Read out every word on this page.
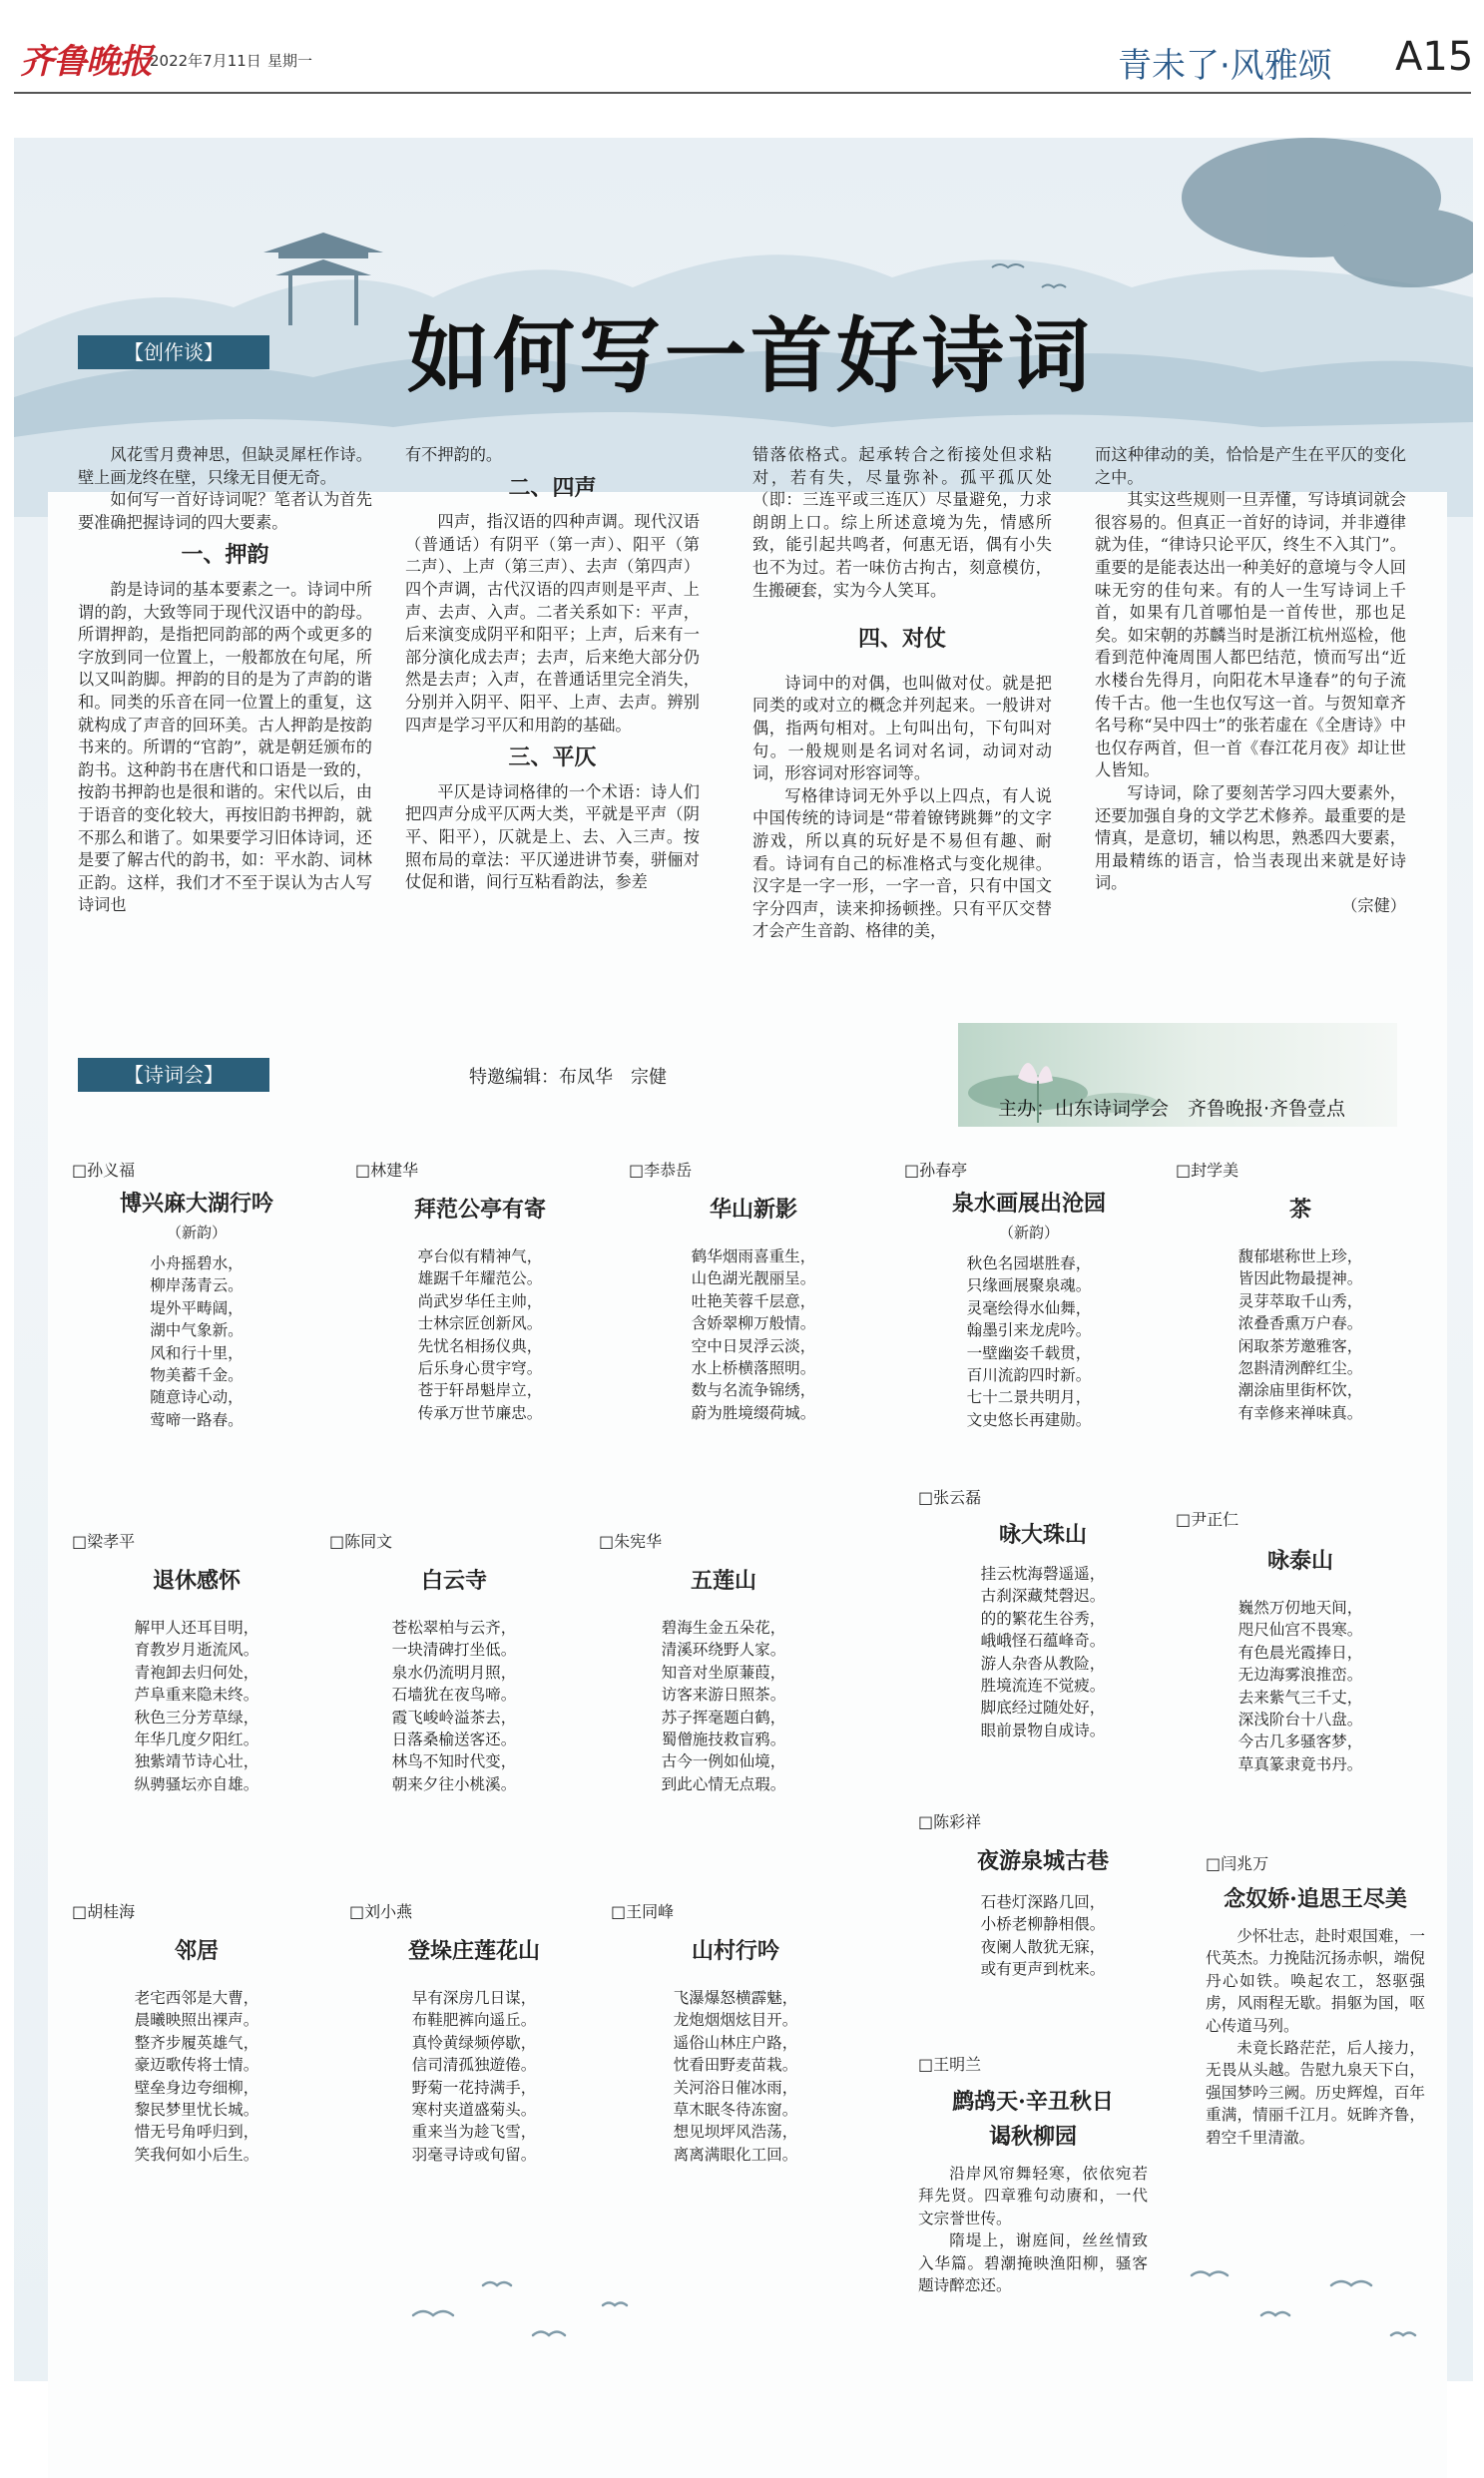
齐鲁晚报
2022年7月11日 星期一	青未了·风雅颂 A15
【创作谈】	如何写一首好诗词

风花雪月费神思，但缺灵犀枉作诗。壁上画龙终在壁，只缘无目便无奇。

如何写一首好诗词呢？笔者认为首先要准确把握诗词的四大要素。

一、押韵

韵是诗词的基本要素之一。诗词中所谓的韵，大致等同于现代汉语中的韵母。所谓押韵，是指把同韵部的两个或更多的字放到同一位置上，一般都放在句尾，所以又叫韵脚。押韵的目的是为了声韵的谐和。同类的乐音在同一位置上的重复，这就构成了声音的回环美。古人押韵是按韵书来的。所谓的“官韵”，就是朝廷颁布的韵书。这种韵书在唐代和口语是一致的，按韵书押韵也是很和谐的。宋代以后，由于语音的变化较大，再按旧韵书押韵，就不那么和谐了。如果要学习旧体诗词，还是要了解古代的韵书，如：平水韵、词林正韵。这样，我们才不至于误认为古人写诗词也

有不押韵的。

二、四声

四声，指汉语的四种声调。现代汉语（普通话）有阴平（第一声）、阳平（第二声）、上声（第三声）、去声（第四声）四个声调，古代汉语的四声则是平声、上声、去声、入声。二者关系如下：平声，后来演变成阴平和阳平；上声，后来有一部分演化成去声；去声，后来绝大部分仍然是去声；入声，在普通话里完全消失，分别并入阴平、阳平、上声、去声。辨别四声是学习平仄和用韵的基础。

三、平仄

平仄是诗词格律的一个术语：诗人们把四声分成平仄两大类，平就是平声（阴平、阳平），仄就是上、去、入三声。按照布局的章法：平仄递进讲节奏，骈俪对仗促和谐，间行互粘看韵法，参差

错落依格式。起承转合之衔接处但求粘对，若有失，尽量弥补。孤平孤仄处（即：三连平或三连仄）尽量避免，力求朗朗上口。综上所述意境为先，情感所致，能引起共鸣者，何惠无语，偶有小失也不为过。若一味仿古拘古，刻意模仿，生搬硬套，实为今人笑耳。

四、对仗

诗词中的对偶，也叫做对仗。就是把同类的或对立的概念并列起来。一般讲对偶，指两句相对。上句叫出句，下句叫对句。一般规则是名词对名词，动词对动词，形容词对形容词等。

写格律诗词无外乎以上四点，有人说中国传统的诗词是“带着镣铐跳舞”的文字游戏，所以真的玩好是不易但有趣、耐看。诗词有自己的标准格式与变化规律。汉字是一字一形，一字一音，只有中国文字分四声，读来抑扬顿挫。只有平仄交替才会产生音韵、格律的美，

而这种律动的美，恰恰是产生在平仄的变化之中。

其实这些规则一旦弄懂，写诗填词就会很容易的。但真正一首好的诗词，并非遵律就为佳，“律诗只论平仄，终生不入其门”。重要的是能表达出一种美好的意境与令人回味无穷的佳句来。有的人一生写诗词上千首，如果有几首哪怕是一首传世，那也足矣。如宋朝的苏麟当时是浙江杭州巡检，他看到范仲淹周围人都巴结范，愤而写出“近水楼台先得月，向阳花木早逢春”的句子流传千古。他一生也仅写这一首。与贺知章齐名号称“吴中四士”的张若虚在《全唐诗》中也仅存两首，但一首《春江花月夜》却让世人皆知。

写诗词，除了要刻苦学习四大要素外，还要加强自身的文学艺术修养。最重要的是情真，是意切，辅以构思，熟悉四大要素，用最精练的语言，恰当表现出来就是好诗词。

（宗健）
【诗词会】	特邀编辑：布凤华　宗健
主办：山东诗词学会　齐鲁晚报·齐鲁壹点
□孙义福
博兴麻大湖行吟
（新韵）
小舟摇碧水，
柳岸荡青云。
堤外平畴阔，
湖中气象新。
风和行十里，
物美蓄千金。
随意诗心动，
莺啼一路春。
□林建华
拜范公亭有寄
亭台似有精神气，
雄踞千年耀范公。
尚武岁华任主帅，
士林宗匠创新风。
先忧名相扬仪典，
后乐身心贯宇穹。
苍于轩昂魁岸立，
传承万世节廉忠。
□李恭岳
华山新影
鹤华烟雨喜重生，
山色湖光靓丽呈。
吐艳芙蓉千层意，
含娇翠柳万般情。
空中日炅浮云淡，
水上桥横落照明。
数与名流争锦绣，
蔚为胜境缀荷城。
□孙春亭
泉水画展出沧园
（新韵）
秋色名园堪胜春，
只缘画展聚泉魂。
灵毫绘得水仙舞，
翰墨引来龙虎吟。
一壁幽姿千载贯，
百川流韵四时新。
七十二景共明月，
文史悠长再建勋。
□封学美
茶
馥郁堪称世上珍，
皆因此物最提神。
灵芽萃取千山秀，
浓叠香熏万户春。
闲取茶芳邀雅客，
忽斟清洌醉红尘。
潮涂庙里街杯饮，
有幸修来禅味真。
□张云磊
咏大珠山
挂云枕海磬遥遥，
古刹深藏梵磬迟。
的的繁花生谷秀，
峨峨怪石蕴峰奇。
游人杂沓从教险，
胜境流连不觉疲。
脚底经过随处好，
眼前景物自成诗。
□梁孝平
退休感怀
解甲人还耳目明，
育教岁月逝流风。
青袍卸去归何处，
芦阜重来隐未终。
秋色三分芳草绿，
年华几度夕阳红。
独紫靖节诗心壮，
纵骋骚坛亦自雄。
□陈同文
白云寺
苍松翠柏与云齐，
一块清碑打坐低。
泉水仍流明月照，
石墙犹在夜鸟啼。
霞飞峻岭溢茶去，
日落桑榆送客还。
林鸟不知时代变，
朝来夕往小桃溪。
□朱宪华
五莲山
碧海生金五朵花，
清溪环绕野人家。
知音对坐原蒹葭，
访客来游日照茶。
苏子挥毫题白鹤，
蜀僧施技救盲鸦。
古今一例如仙境，
到此心情无点瑕。
□尹正仁
咏泰山
巍然万仞地天间，
咫尺仙宫不畏寒。
有色晨光霞捧日，
无边海雾浪推峦。
去来紫气三千丈，
深浅阶台十八盘。
今古几多骚客梦，
草真篆隶竟书丹。
□陈彩祥
夜游泉城古巷
石巷灯深路几回，
小桥老柳静相偎。
夜阑人散犹无寐，
或有更声到枕来。
□闫兆万
念奴娇·追思王尽美

少怀壮志，赴时艰国难，一代英杰。力挽陆沉扬赤帜，端倪丹心如铁。唤起农工，怒驱强虏，风雨程无歇。捐躯为国，呕心传道马列。

未竟长路茫茫，后人接力，无畏从头越。告慰九泉天下白，强国梦吟三阙。历史辉煌，百年重满，情丽千江月。妩眸齐鲁，碧空千里清澈。

□胡桂海
邻居
老宅西邻是大曹，
晨曦映照出裸声。
整齐步履英雄气，
豪迈歌传将士情。
壁垒身边夸细柳，
黎民梦里忧长城。
惜无号角呼归到，
笑我何如小后生。
□刘小燕
登垛庄莲花山
早有深房几日谋，
布鞋肥裤向遥丘。
真怜黄绿频停歇，
信司清孤独遊倦。
野菊一花持满手，
寒村夹道盛菊头。
重来当为趁飞雪，
羽毫寻诗或旬留。
□王同峰
山村行吟
飞瀑爆怒横霹魅，
龙炮烟烟炫目开。
遥俗山林庄户路，
忱看田野麦苗栽。
关河浴日催冰雨，
草木眠冬待冻窗。
想见坝坪风浩荡，
离离满眼化工回。
□王明兰
鹧鸪天·辛丑秋日
谒秋柳园

沿岸风帘舞轻寒，依依宛若拜先贤。四章雅句动赓和，一代文宗誉世传。

隋堤上，谢庭间，丝丝情致入华篇。碧潮掩映渔阳柳，骚客题诗醉恋还。
